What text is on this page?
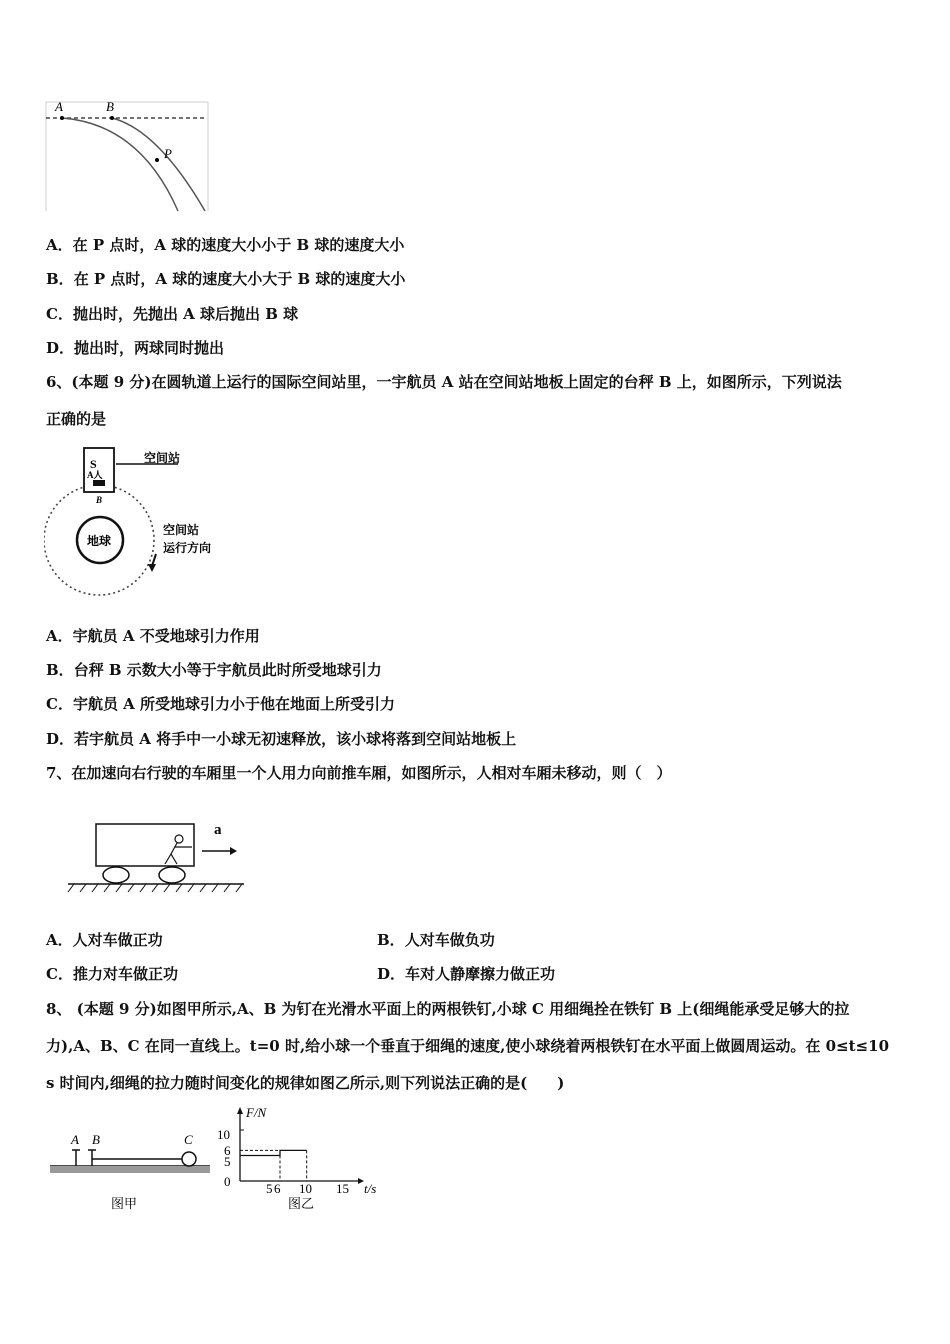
A	B
P
A．在 P 点时，A 球的速度大小小于 B 球的速度大小
B．在 P 点时，A 球的速度大小大于 B 球的速度大小
C．抛出时，先抛出 A 球后抛出 B 球
D．抛出时，两球同时抛出
6、(本题 9 分)在圆轨道上运行的国际空间站里，一宇航员 A 站在空间站地板上固定的台秤 B 上，如图所示，下列说法
正确的是
地球
S
A人
B
空间站
空间站
运行方向
A．宇航员 A 不受地球引力作用
B．台秤 B 示数大小等于宇航员此时所受地球引力
C．宇航员 A 所受地球引力小于他在地面上所受引力
D．若宇航员 A 将手中一小球无初速释放，该小球将落到空间站地板上
7、在加速向右行驶的车厢里一个人用力向前推车厢，如图所示，人相对车厢未移动，则（　）
a
A．人对车做正功	B．人对车做负功
C．推力对车做正功	D．车对人静摩擦力做正功
8、 (本题 9 分)如图甲所示,A、B 为钉在光滑水平面上的两根铁钉,小球 C 用细绳拴在铁钉 B 上(细绳能承受足够大的拉
力),A、B、C 在同一直线上。t=0 时,给小球一个垂直于细绳的速度,使小球绕着两根铁钉在水平面上做圆周运动。在 0≤t≤10
s 时间内,细绳的拉力随时间变化的规律如图乙所示,则下列说法正确的是(　　)
A B	C
图甲
F/N
t/s
10
6
5
0	5 6 10 15
图乙
